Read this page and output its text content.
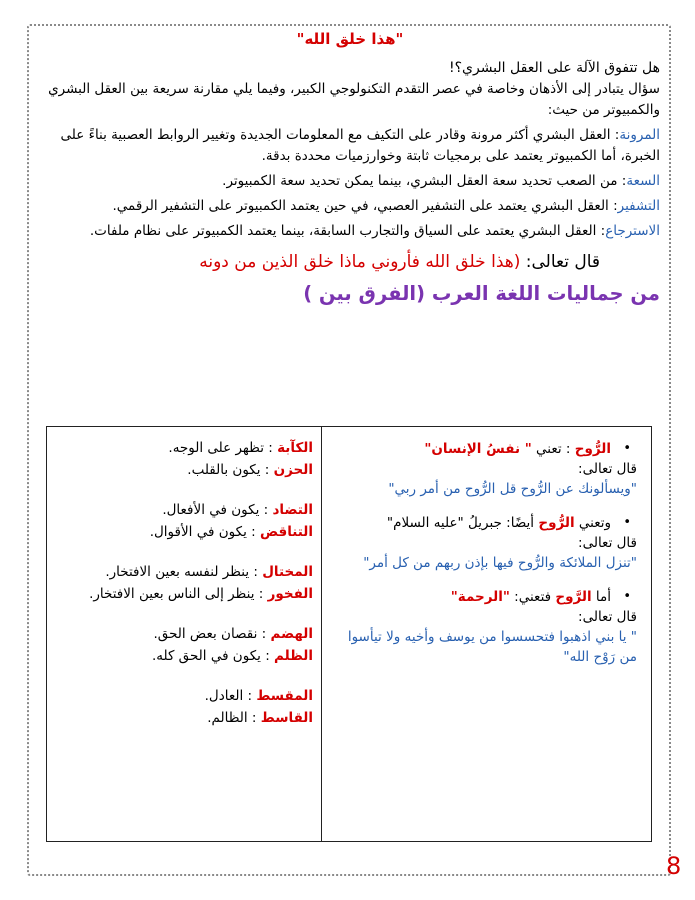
"هذا خلق الله"

هل تتفوق الآلة على العقل البشري؟!

سؤال يتبادر إلى الأذهان وخاصة في عصر التقدم التكنولوجي الكبير، وفيما يلي مقارنة سريعة بين العقل البشري والكمبيوتر من حيث:

المرونة: العقل البشري أكثر مرونة وقادر على التكيف مع المعلومات الجديدة وتغيير الروابط العصبية بناءً على الخبرة، أما الكمبيوتر يعتمد على برمجيات ثابتة وخوارزميات محددة بدقة.

السعة: من الصعب تحديد سعة العقل البشري، بينما يمكن تحديد سعة الكمبيوتر.

التشفير: العقل البشري يعتمد على التشفير العصبي، في حين يعتمد الكمبيوتر على التشفير الرقمي.

الاسترجاع: العقل البشري يعتمد على السياق والتجارب السابقة، بينما يعتمد الكمبيوتر على نظام ملفات.

قال تعالى: (هذا خلق الله فأروني ماذا خلق الذين من دونه
من جماليات اللغة العرب (الفرق بين )
•
الرُّوح : تعني " نفسُ الإنسان"
قال تعالى:
"ويسألونك عن الرُّوح قل الرُّوح من أمر ربي"
•
وتعني الرُّوح أيضًا: جبريلُ "عليه السلام"
قال تعالى:
"تنزل الملائكة والرُّوح فيها بإذن ربهم من كل أمر"
•
أما الرَّوح فتعني: "الرحمة"
قال تعالى:
" يا بني اذهبوا فتحسسوا من يوسف وأخيه ولا تيأسوا من رَوْح الله"
الكآبة : تظهر على الوجه.
الحزن : يكون بالقلب.
التضاد : يكون في الأفعال.
التناقض : يكون في الأقوال.
المختال : ينظر لنفسه بعين الافتخار.
الفخور : ينظر إلى الناس بعين الافتخار.
الهضم : نقصان بعض الحق.
الظلم : يكون في الحق كله.
المقسط : العادل.
القاسط : الظالم.
8
